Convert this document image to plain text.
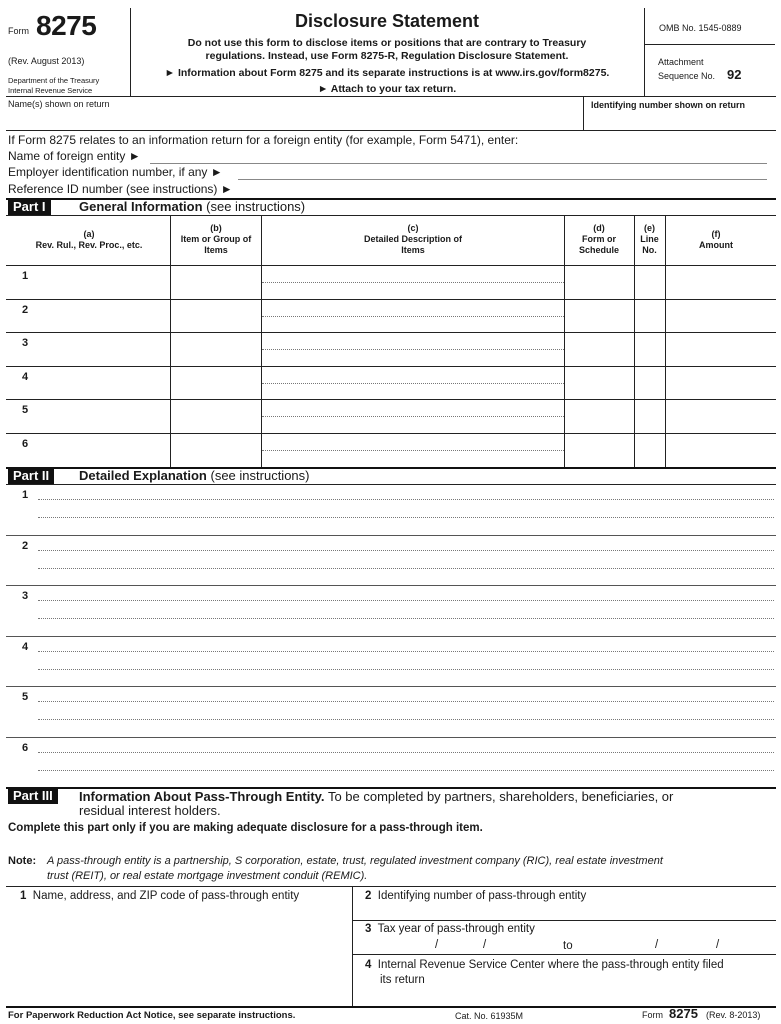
Form 8275
(Rev. August 2013)
Department of the Treasury
Internal Revenue Service
Disclosure Statement
Do not use this form to disclose items or positions that are contrary to Treasury
regulations. Instead, use Form 8275-R, Regulation Disclosure Statement.
► Information about Form 8275 and its separate instructions is at www.irs.gov/form8275.
► Attach to your tax return.
OMB No. 1545-0889
Attachment
Sequence No. 92
Name(s) shown on return	Identifying number shown on return
If Form 8275 relates to an information return for a foreign entity (for example, Form 5471), enter:
Name of foreign entity ►
Employer identification number, if any ►
Reference ID number (see instructions) ►
Part I	General Information (see instructions)
(a)
Rev. Rul., Rev. Proc., etc.
(b)
Item or Group of Items
(c)
Detailed Description of Items
(d)
Form or Schedule
(e)
Line No.
(f)
Amount
1
2
3
4
5
6
Part II	Detailed Explanation (see instructions)
1
2
3
4
5
6
Part III	Information About Pass-Through Entity. To be completed by partners, shareholders, beneficiaries, or
residual interest holders.
Complete this part only if you are making adequate disclosure for a pass-through item.
Note: A pass-through entity is a partnership, S corporation, estate, trust, regulated investment company (RIC), real estate investment
trust (REIT), or real estate mortgage investment conduit (REMIC).
1 Name, address, and ZIP code of pass-through entity	2 Identifying number of pass-through entity
3 Tax year of pass-through entity
/	/	to	/	/
4 Internal Revenue Service Center where the pass-through entity filed
its return
For Paperwork Reduction Act Notice, see separate instructions.	Cat. No. 61935M	Form 8275 (Rev. 8-2013)
